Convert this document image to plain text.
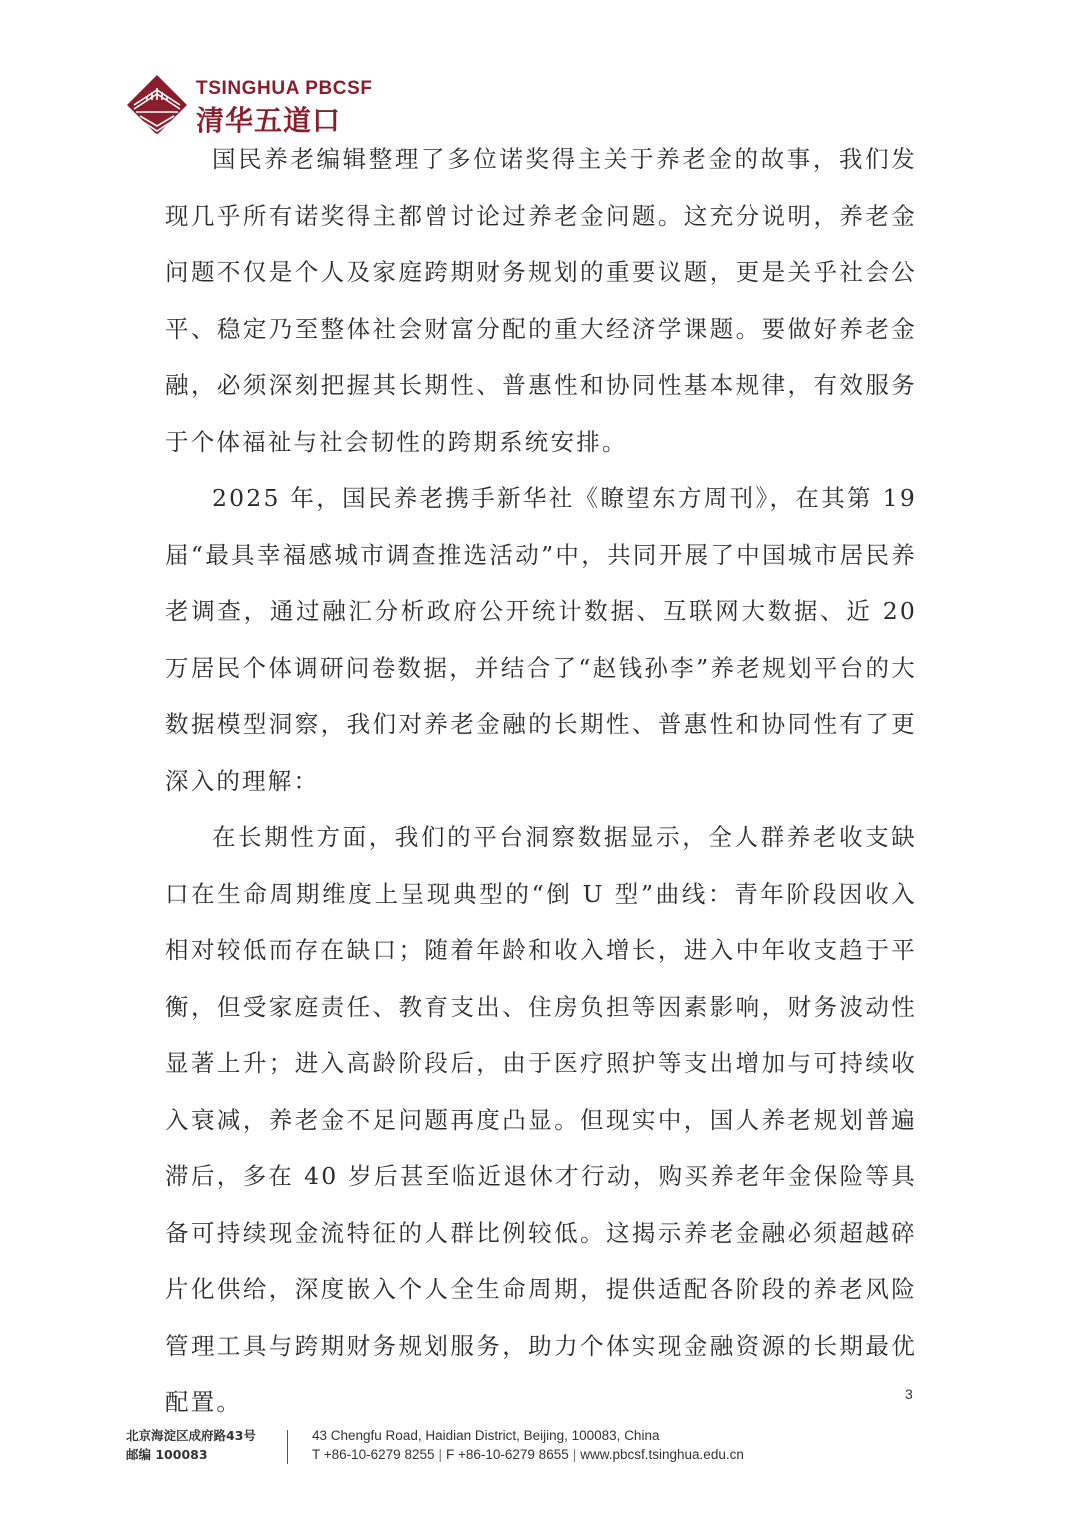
TSINGHUA PBCSF
清华五道口

国民养老编辑整理了多位诺奖得主关于养老金的故事，我们发现几乎所有诺奖得主都曾讨论过养老金问题。这充分说明，养老金问题不仅是个人及家庭跨期财务规划的重要议题，更是关乎社会公平、稳定乃至整体社会财富分配的重大经济学课题。要做好养老金融，必须深刻把握其长期性、普惠性和协同性基本规律，有效服务于个体福祉与社会韧性的跨期系统安排。

2025 年，国民养老携手新华社《瞭望东方周刊》，在其第 19 届“最具幸福感城市调查推选活动”中，共同开展了中国城市居民养老调查，通过融汇分析政府公开统计数据、互联网大数据、近 20 万居民个体调研问卷数据，并结合了“赵钱孙李”养老规划平台的大数据模型洞察，我们对养老金融的长期性、普惠性和协同性有了更深入的理解：

在长期性方面，我们的平台洞察数据显示，全人群养老收支缺口在生命周期维度上呈现典型的“倒 U 型”曲线：青年阶段因收入相对较低而存在缺口；随着年龄和收入增长，进入中年收支趋于平衡，但受家庭责任、教育支出、住房负担等因素影响，财务波动性显著上升；进入高龄阶段后，由于医疗照护等支出增加与可持续收入衰减，养老金不足问题再度凸显。但现实中，国人养老规划普遍滞后，多在 40 岁后甚至临近退休才行动，购买养老年金保险等具备可持续现金流特征的人群比例较低。这揭示养老金融必须超越碎片化供给，深度嵌入个人全生命周期，提供适配各阶段的养老风险管理工具与跨期财务规划服务，助力个体实现金融资源的长期最优配置。	3
北京海淀区成府路43号
邮编 100083
43 Chengfu Road, Haidian District, Beijing, 100083, China
T +86-10-6279 8255 | F +86-10-6279 8655 | www.pbcsf.tsinghua.edu.cn
